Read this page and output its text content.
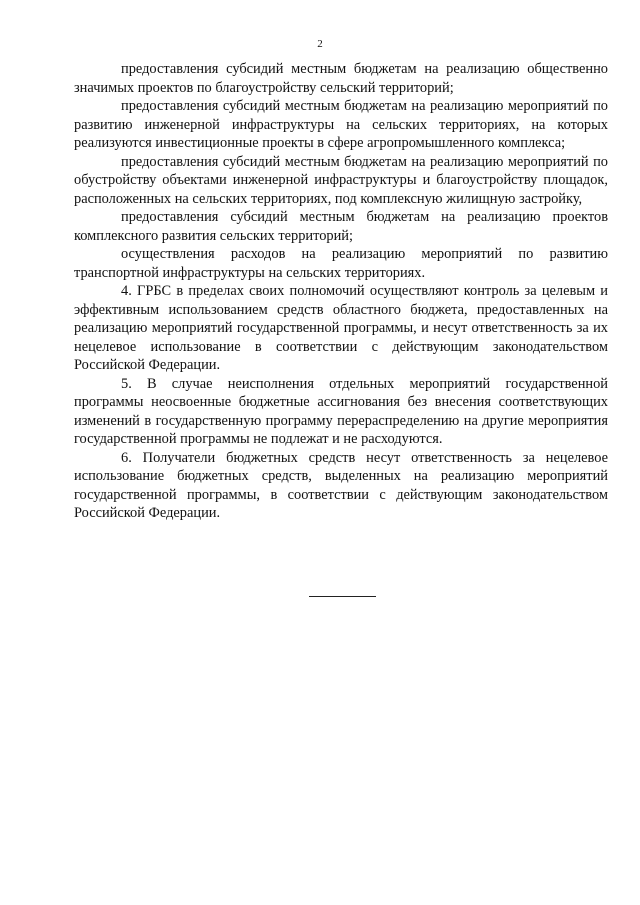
2

предоставления субсидий местным бюджетам на реализацию общественно значимых проектов по благоустройству сельский территорий;

предоставления субсидий местным бюджетам на реализацию мероприятий по развитию инженерной инфраструктуры на сельских территориях, на которых реализуются инвестиционные проекты в сфере агропромышленного комплекса;

предоставления субсидий местным бюджетам на реализацию мероприятий по обустройству объектами инженерной инфраструктуры и благоустройству площадок, расположенных на сельских территориях, под комплексную жилищную застройку,

предоставления субсидий местным бюджетам на реализацию проектов комплексного развития сельских территорий;

осуществления расходов на реализацию мероприятий по развитию транспортной инфраструктуры на сельских территориях.

4. ГРБС в пределах своих полномочий осуществляют контроль за целевым и эффективным использованием средств областного бюджета, предоставленных на реализацию мероприятий государственной программы, и несут ответственность за их нецелевое использование в соответствии с действующим законодательством Российской Федерации.

5. В случае неисполнения отдельных мероприятий государственной программы неосвоенные бюджетные ассигнования без внесения соответствующих изменений в государственную программу перераспределению на другие мероприятия государственной программы не подлежат и не расходуются.

6. Получатели бюджетных средств несут ответственность за нецелевое использование бюджетных средств, выделенных на реализацию мероприятий государственной программы, в соответствии с действующим законодательством Российской Федерации.
